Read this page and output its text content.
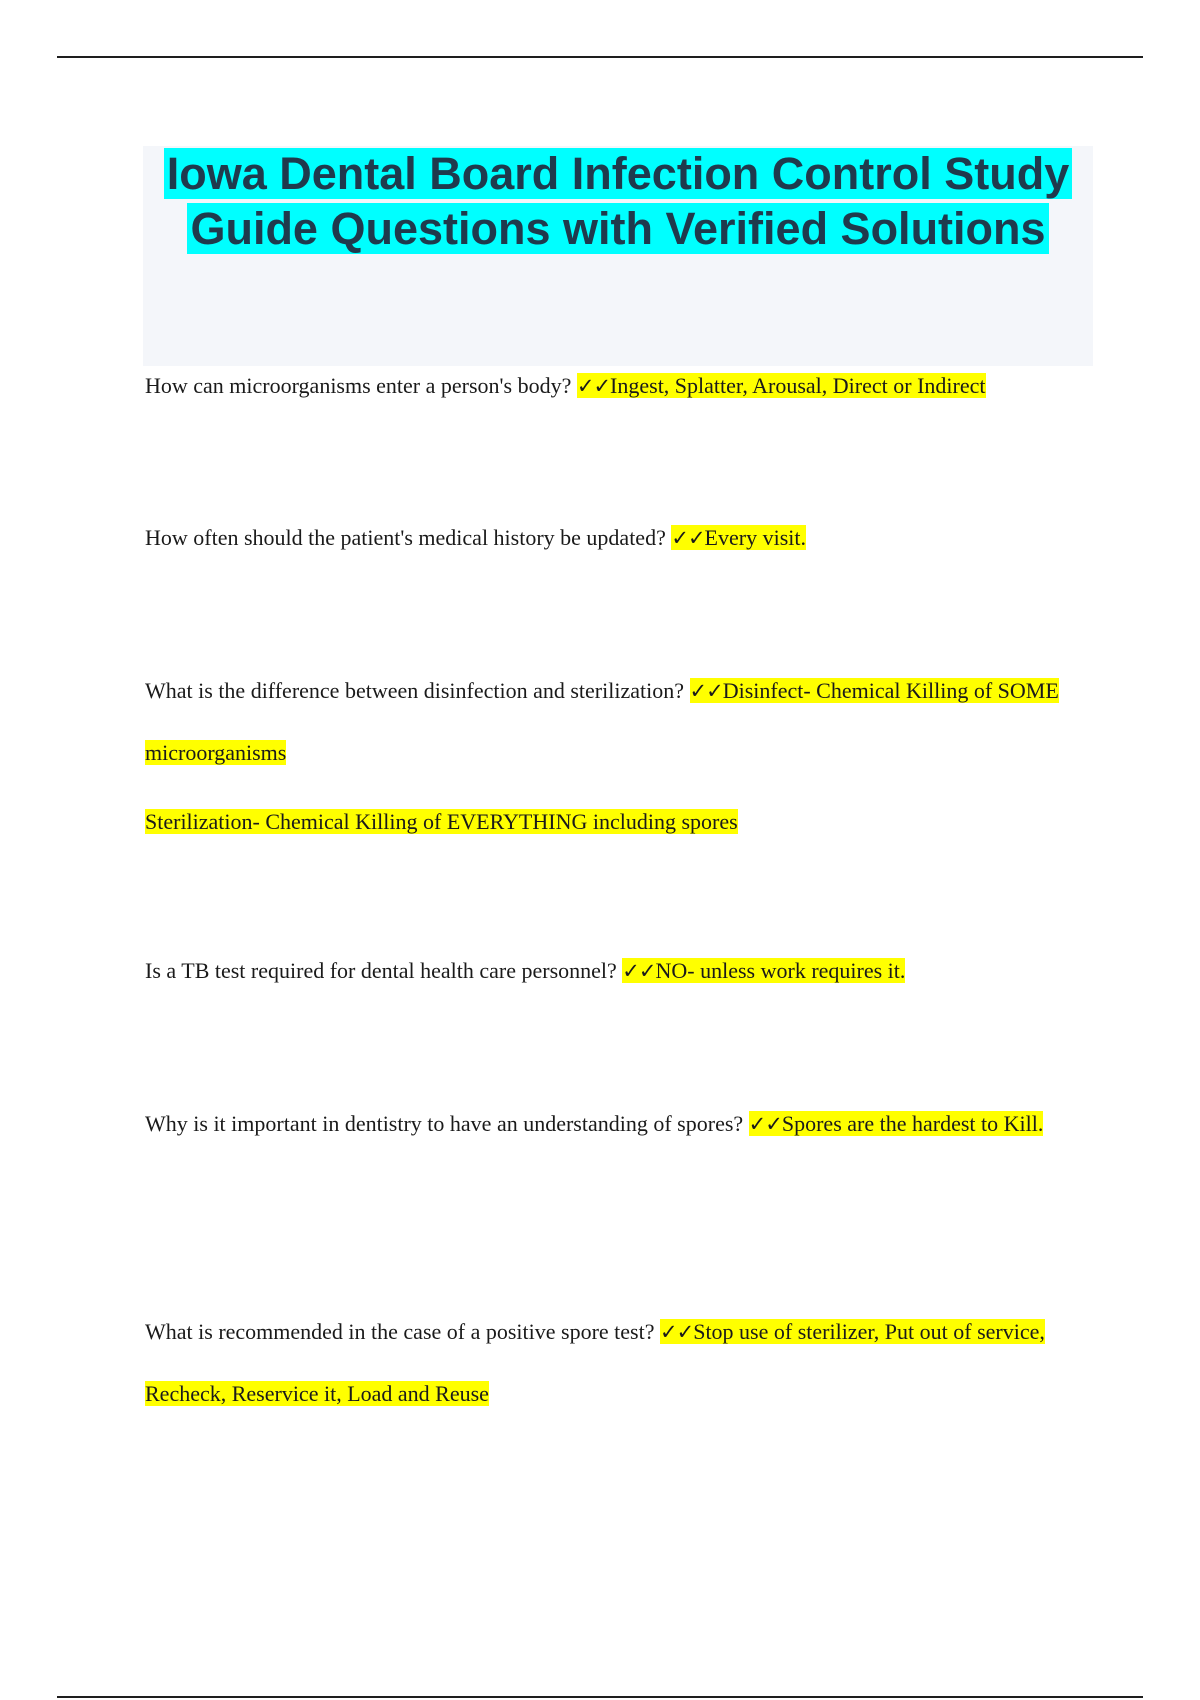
Iowa Dental Board Infection Control Study Guide Questions with Verified Solutions

How can microorganisms enter a person's body? ✓✓Ingest, Splatter, Arousal, Direct or Indirect

How often should the patient's medical history be updated? ✓✓Every visit.

What is the difference between disinfection and sterilization? ✓✓Disinfect- Chemical Killing of SOME microorganisms

Sterilization- Chemical Killing of EVERYTHING including spores

Is a TB test required for dental health care personnel? ✓✓NO- unless work requires it.

Why is it important in dentistry to have an understanding of spores? ✓✓Spores are the hardest to Kill.

What is recommended in the case of a positive spore test? ✓✓Stop use of sterilizer, Put out of service, Recheck, Reservice it, Load and Reuse
